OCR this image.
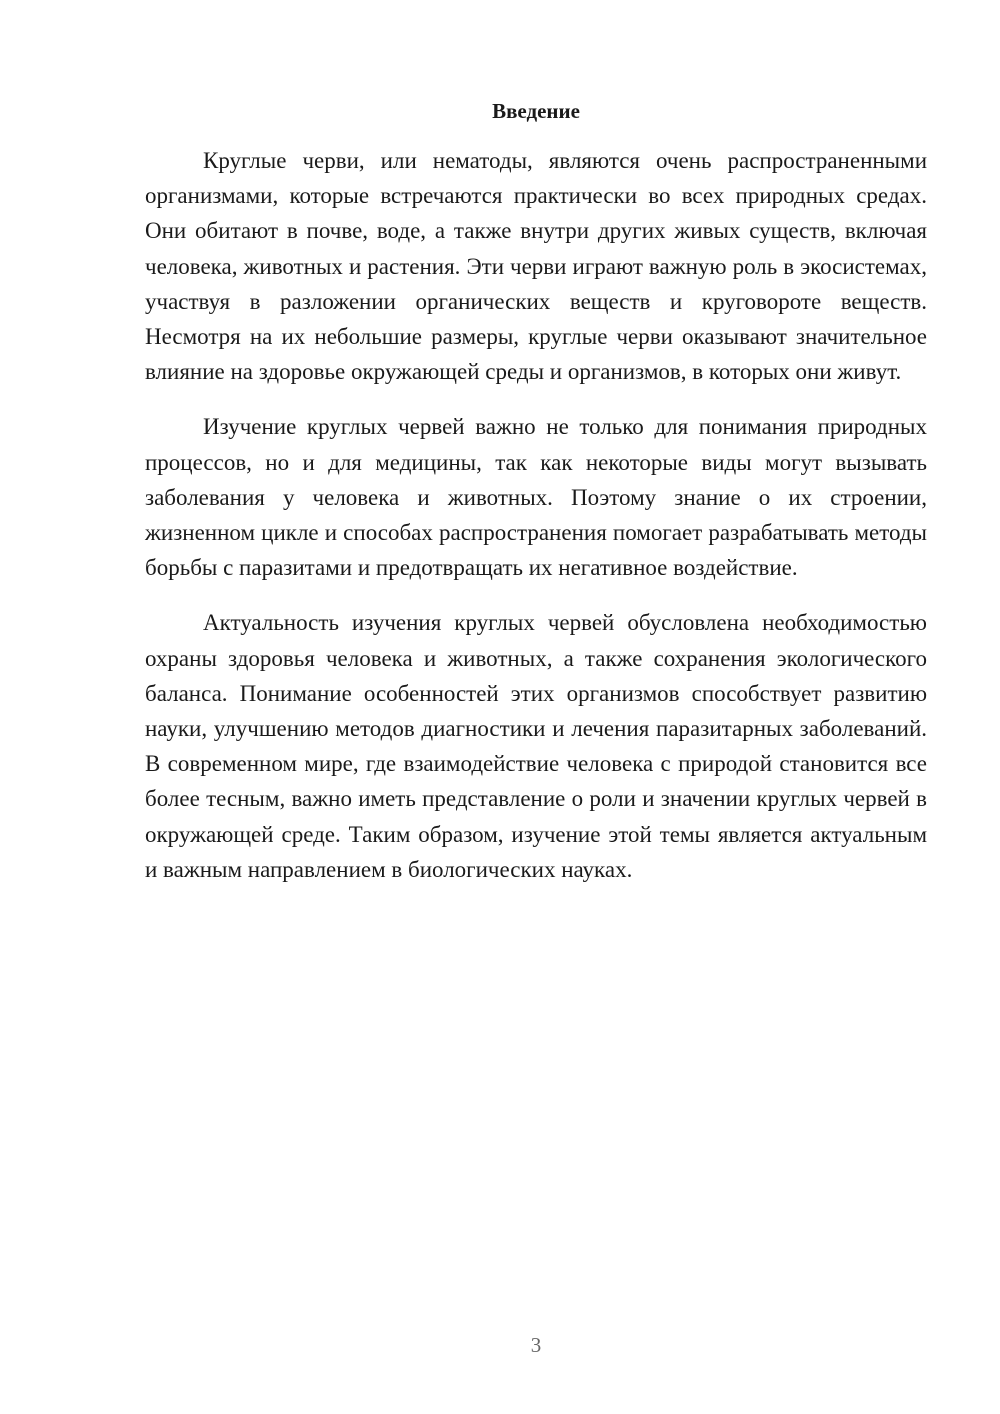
Введение

Круглые черви, или нематоды, являются очень распространенными организмами, которые встречаются практически во всех природных средах. Они обитают в почве, воде, а также внутри других живых существ, включая человека, животных и растения. Эти черви играют важную роль в экосистемах, участвуя в разложении органических веществ и круговороте веществ. Несмотря на их небольшие размеры, круглые черви оказывают значительное влияние на здоровье окружающей среды и организмов, в которых они живут.

Изучение круглых червей важно не только для понимания природных процессов, но и для медицины, так как некоторые виды могут вызывать заболевания у человека и животных. Поэтому знание о их строении, жизненном цикле и способах распространения помогает разрабатывать методы борьбы с паразитами и предотвращать их негативное воздействие.

Актуальность изучения круглых червей обусловлена необходимостью охраны здоровья человека и животных, а также сохранения экологического баланса. Понимание особенностей этих организмов способствует развитию науки, улучшению методов диагностики и лечения паразитарных заболеваний. В современном мире, где взаимодействие человека с природой становится все более тесным, важно иметь представление о роли и значении круглых червей в окружающей среде. Таким образом, изучение этой темы является актуальным и важным направлением в биологических науках.

3
